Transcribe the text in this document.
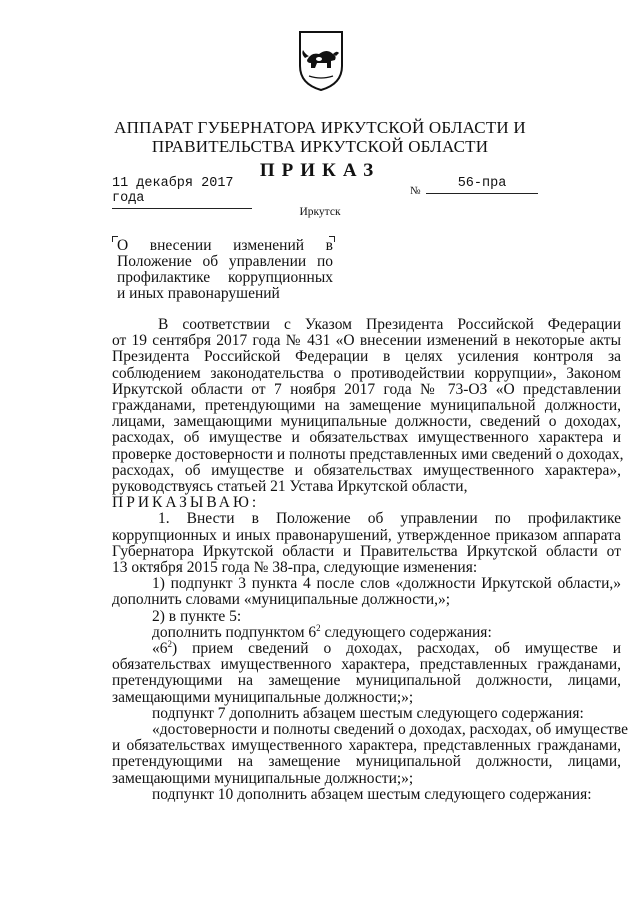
АППАРАТ ГУБЕРНАТОРА ИРКУТСКОЙ ОБЛАСТИ И
ПРАВИТЕЛЬСТВА ИРКУТСКОЙ ОБЛАСТИ
ПРИКАЗ
11 декабря 2017 года	№	56-пра
Иркутск
О внесении изменений в
Положение об управлении по
профилактике коррупционных
и иных правонарушений
В соответствии с Указом Президента Российской Федерации
от 19 сентября 2017 года № 431 «О внесении изменений в некоторые акты
Президента Российской Федерации в целях усиления контроля за
соблюдением законодательства о противодействии коррупции», Законом
Иркутской области от 7 ноября 2017 года № 73-ОЗ «О представлении
гражданами, претендующими на замещение муниципальной должности,
лицами, замещающими муниципальные должности, сведений о доходах,
расходах, об имуществе и обязательствах имущественного характера и
проверке достоверности и полноты представленных ими сведений о доходах,
расходах, об имуществе и обязательствах имущественного характера»,
руководствуясь статьей 21 Устава Иркутской области,
ПРИКАЗЫВАЮ:
1. Внести в Положение об управлении по профилактике
коррупционных и иных правонарушений, утвержденное приказом аппарата
Губернатора Иркутской области и Правительства Иркутской области от
13 октября 2015 года № 38-пра, следующие изменения:
1) подпункт 3 пункта 4 после слов «должности Иркутской области,»
дополнить словами «муниципальные должности,»;
2) в пункте 5:
дополнить подпунктом $6^2$ следующего содержания:
«$6^2$) прием сведений о доходах, расходах, об имуществе и
обязательствах имущественного характера, представленных гражданами,
претендующими на замещение муниципальной должности, лицами,
замещающими муниципальные должности;»;
подпункт 7 дополнить абзацем шестым следующего содержания:
«достоверности и полноты сведений о доходах, расходах, об имуществе
и обязательствах имущественного характера, представленных гражданами,
претендующими на замещение муниципальной должности, лицами,
замещающими муниципальные должности;»;
подпункт 10 дополнить абзацем шестым следующего содержания:
